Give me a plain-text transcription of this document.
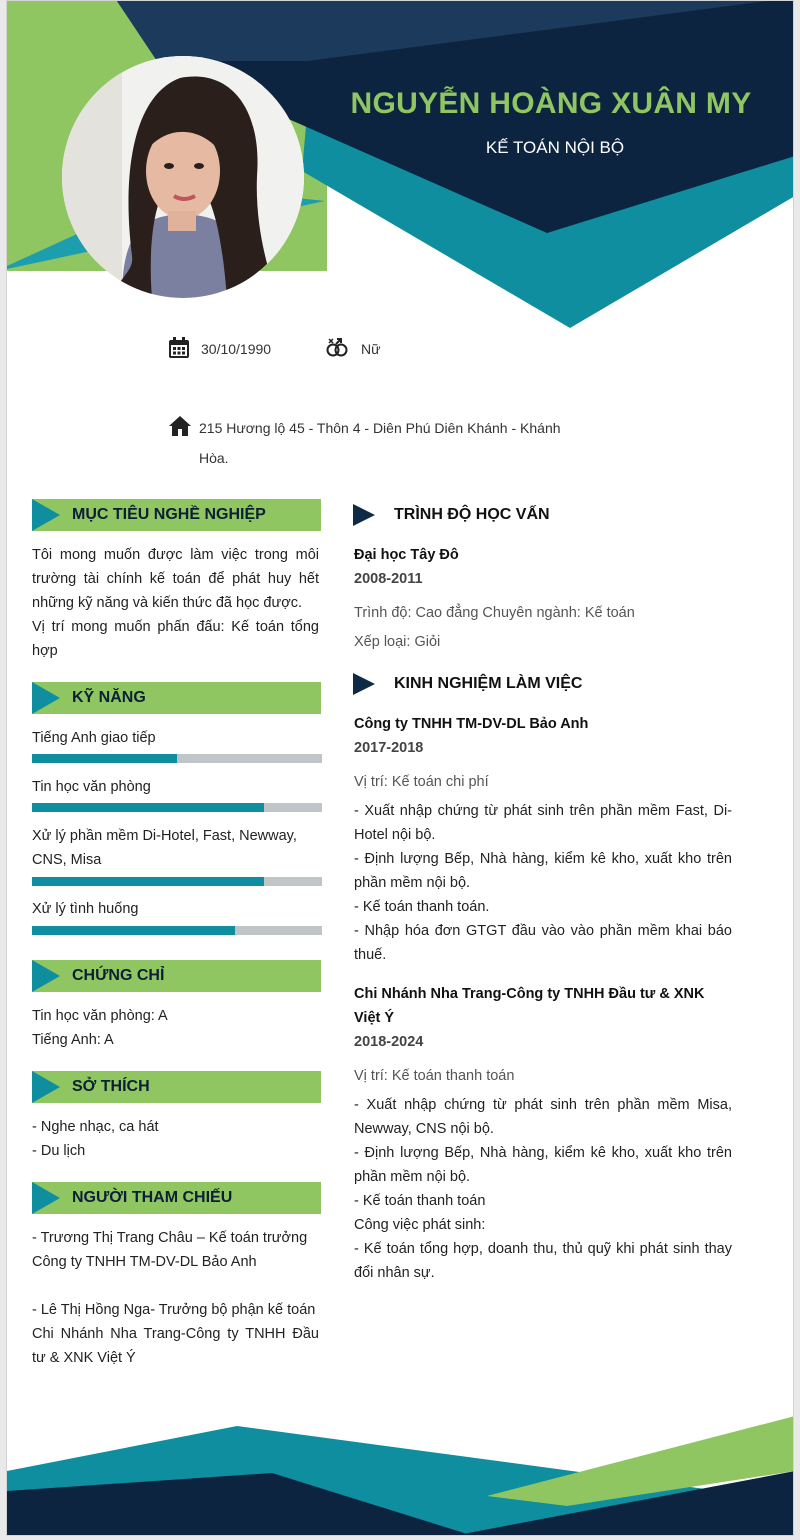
NGUYỄN HOÀNG XUÂN MY
KẾ TOÁN NỘI BỘ
30/10/1990	Nữ
215 Hương lộ 45 - Thôn 4 - Diên Phú Diên Khánh - Khánh
Hòa.
MỤC TIÊU NGHỀ NGHIỆP
Tôi mong muốn được làm việc trong môi
trường tài chính kế toán để phát huy hết
những kỹ năng và kiến thức đã học được.
Vị trí mong muốn phấn đấu: Kế toán tổng
hợp
KỸ NĂNG
Tiếng Anh giao tiếp
Tin học văn phòng
Xử lý phần mềm Di-Hotel, Fast, Newway,
CNS, Misa
Xử lý tình huống
CHỨNG CHỈ
Tin học văn phòng: A
Tiếng Anh: A
SỞ THÍCH
- Nghe nhạc, ca hát
- Du lịch
NGƯỜI THAM CHIẾU
- Trương Thị Trang Châu – Kế toán trưởng
Công ty TNHH TM-DV-DL Bảo Anh
- Lê Thị Hồng Nga- Trưởng bộ phận kế toán
Chi Nhánh Nha Trang-Công ty TNHH Đầu
tư & XNK Việt Ý
TRÌNH ĐỘ HỌC VẤN
Đại học Tây Đô
2008-2011
Trình độ: Cao đẳng Chuyên ngành: Kế toán
Xếp loại: Giỏi
KINH NGHIỆM LÀM VIỆC
Công ty TNHH TM-DV-DL Bảo Anh
2017-2018
Vị trí: Kế toán chi phí
- Xuất nhập chứng từ phát sinh trên phần mềm Fast, Di-
Hotel nội bộ.
- Định lượng Bếp, Nhà hàng, kiểm kê kho, xuất kho trên
phần mềm nội bộ.
- Kế toán thanh toán.
- Nhập hóa đơn GTGT đầu vào vào phần mềm khai báo
thuế.
Chi Nhánh Nha Trang-Công ty TNHH Đầu tư & XNK
Việt Ý
2018-2024
Vị trí: Kế toán thanh toán
- Xuất nhập chứng từ phát sinh trên phần mềm Misa,
Newway, CNS nội bộ.
- Định lượng Bếp, Nhà hàng, kiểm kê kho, xuất kho trên
phần mềm nội bộ.
- Kế toán thanh toán
Công việc phát sinh:
- Kế toán tổng hợp, doanh thu, thủ quỹ khi phát sinh thay
đổi nhân sự.
